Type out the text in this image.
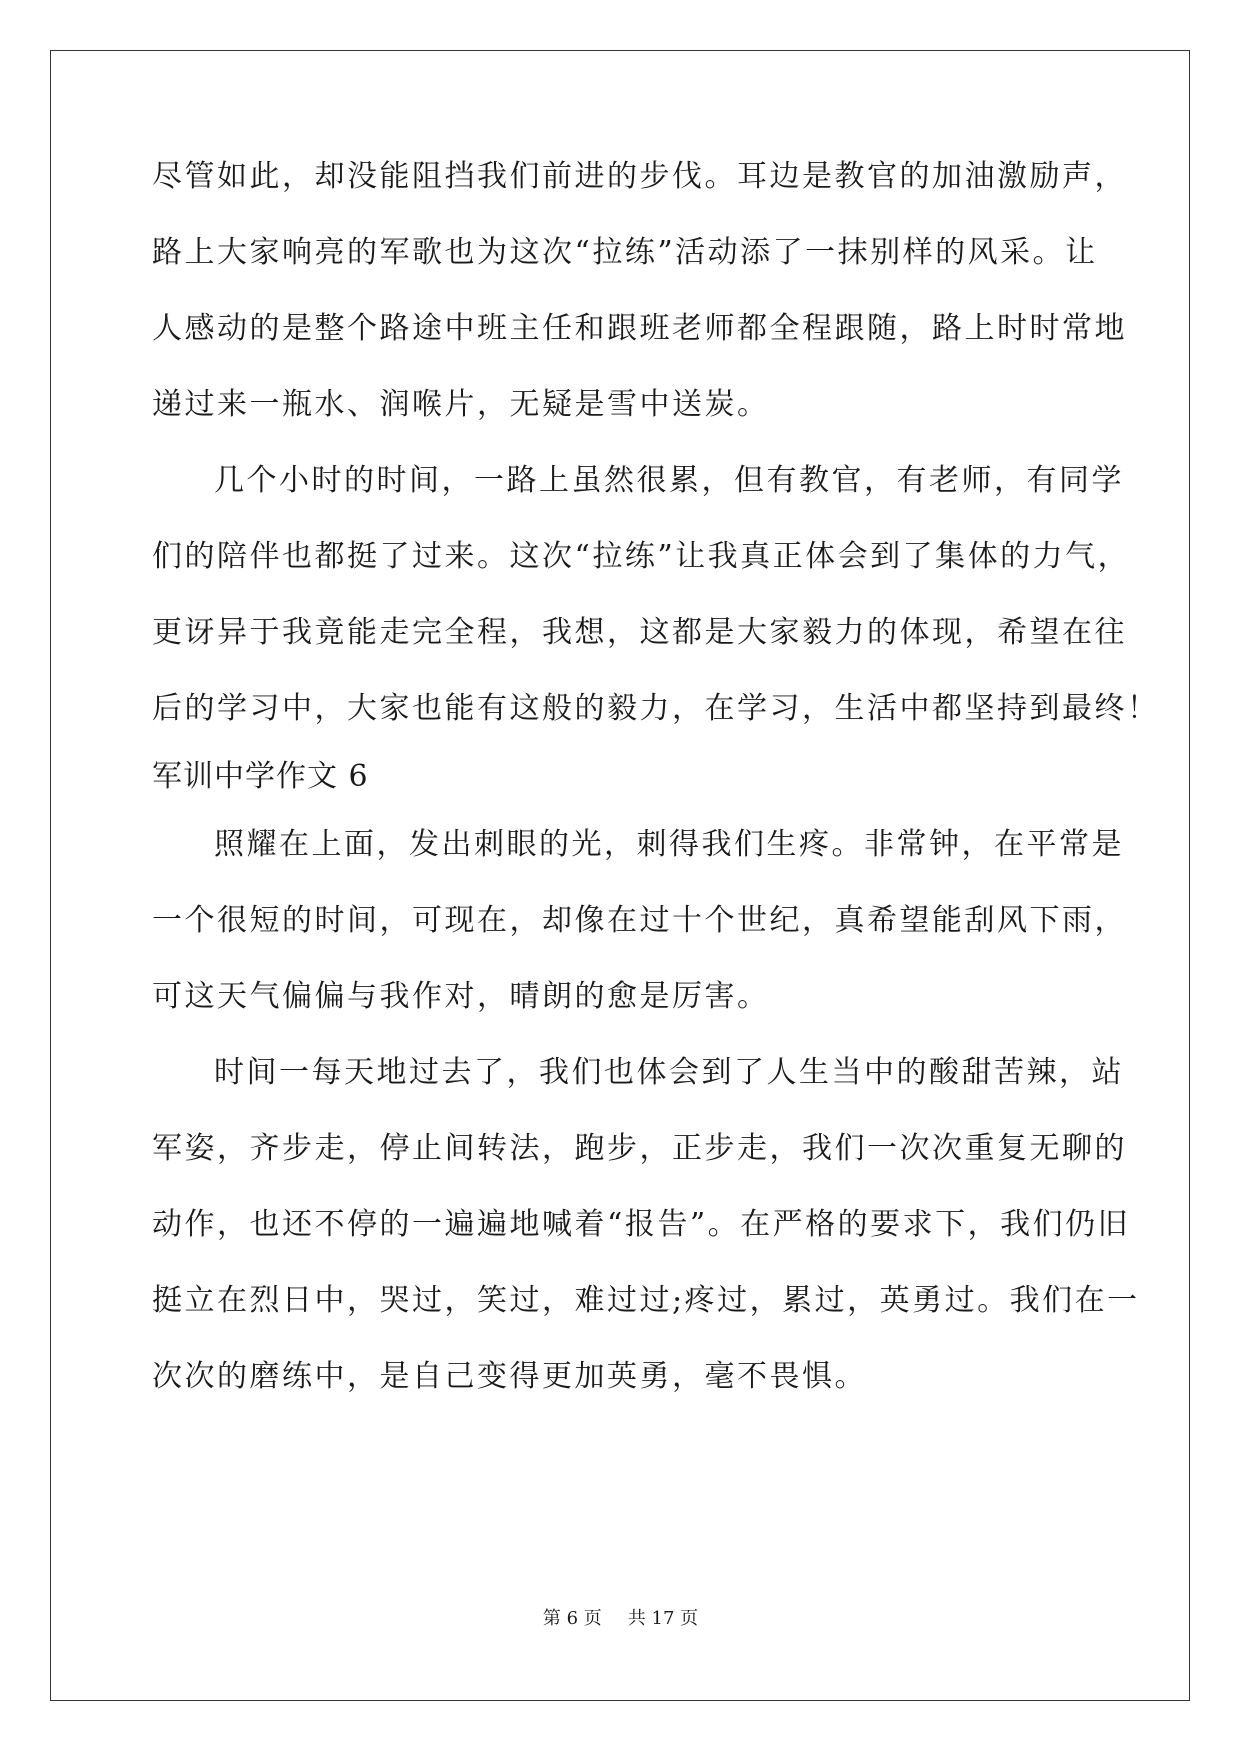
尽管如此，却没能阻挡我们前进的步伐。耳边是教官的加油激励声，
路上大家响亮的军歌也为这次“拉练”活动添了一抹别样的风采。让
人感动的是整个路途中班主任和跟班老师都全程跟随，路上时时常地
递过来一瓶水、润喉片，无疑是雪中送炭。
几个小时的时间，一路上虽然很累，但有教官，有老师，有同学
们的陪伴也都挺了过来。这次“拉练”让我真正体会到了集体的力气，
更讶异于我竟能走完全程，我想，这都是大家毅力的体现，希望在往
后的学习中，大家也能有这般的毅力，在学习，生活中都坚持到最终！
军训中学作文 6
照耀在上面，发出刺眼的光，刺得我们生疼。非常钟，在平常是
一个很短的时间，可现在，却像在过十个世纪，真希望能刮风下雨，
可这天气偏偏与我作对，晴朗的愈是厉害。
时间一每天地过去了，我们也体会到了人生当中的酸甜苦辣，站
军姿，齐步走，停止间转法，跑步，正步走，我们一次次重复无聊的
动作，也还不停的一遍遍地喊着“报告”。在严格的要求下，我们仍旧
挺立在烈日中，哭过，笑过，难过过;疼过，累过，英勇过。我们在一
次次的磨练中，是自己变得更加英勇，毫不畏惧。
第 6 页 共 17 页
